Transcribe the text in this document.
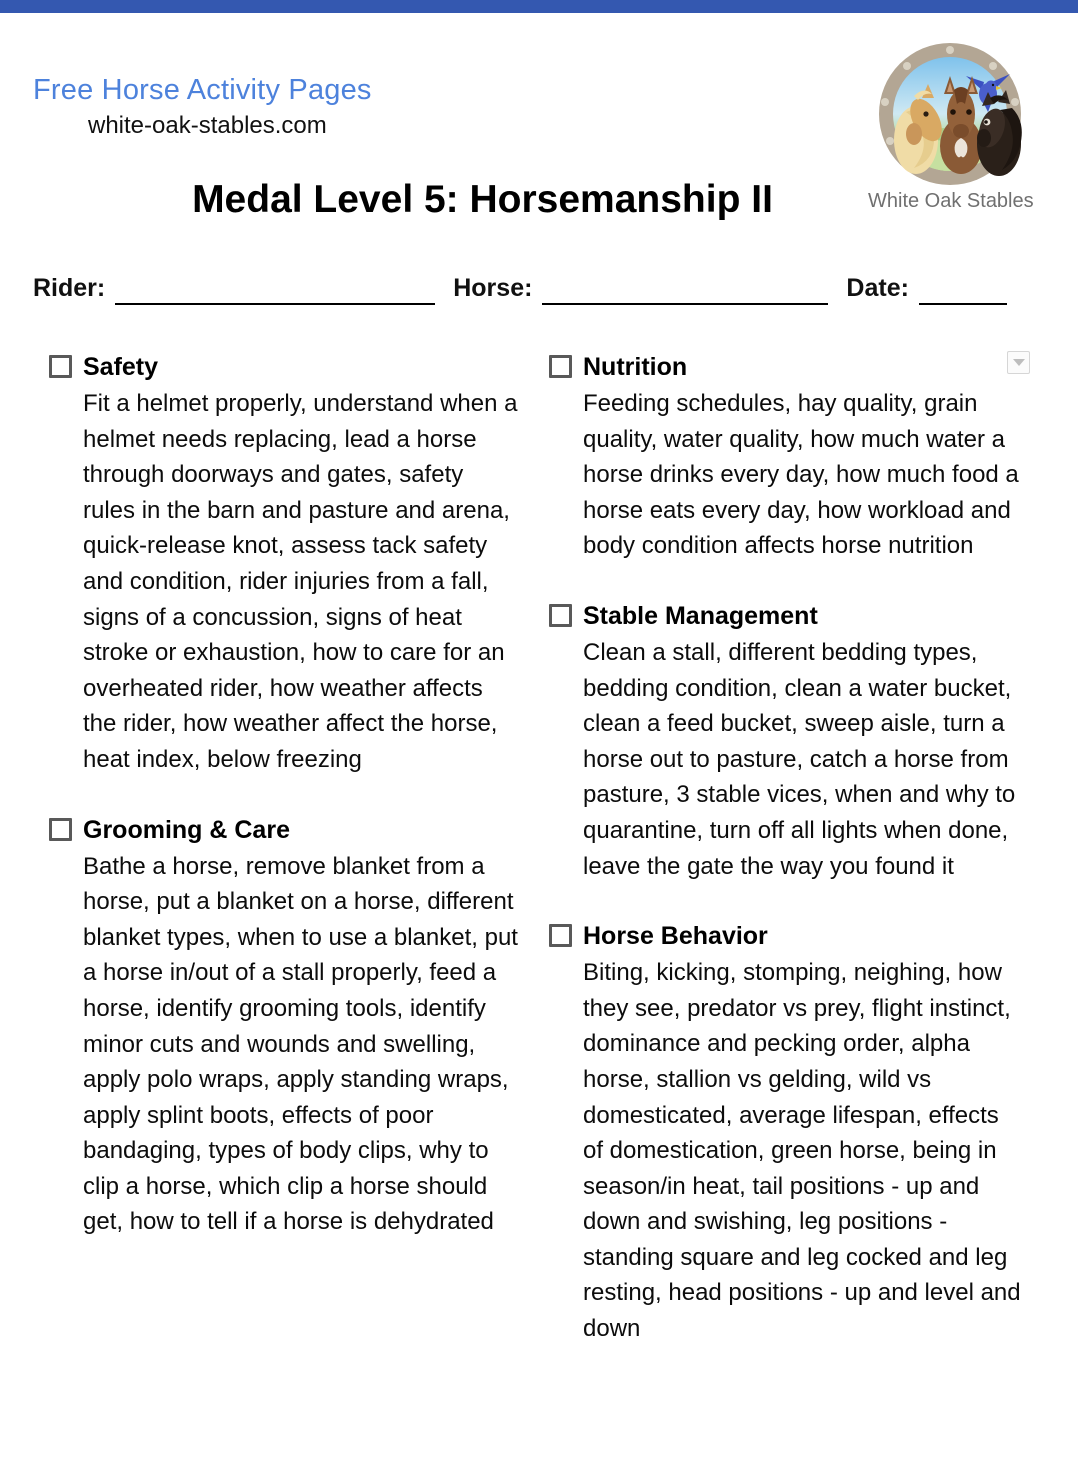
Free Horse Activity Pages
white-oak-stables.com
White Oak Stables
Medal Level 5: Horsemanship II
Rider:	Horse:	Date:
Safety
Fit a helmet properly, understand when a helmet needs replacing, lead a horse through doorways and gates, safety rules in the barn and pasture and arena, quick-release knot, assess tack safety and condition, rider injuries from a fall, signs of a concussion, signs of heat stroke or exhaustion, how to care for an overheated rider, how weather affects the rider, how weather affect the horse, heat index, below freezing
Grooming & Care
Bathe a horse, remove blanket from a horse, put a blanket on a horse, different blanket types, when to use a blanket, put a horse in/out of a stall properly, feed a horse, identify grooming tools, identify minor cuts and wounds and swelling, apply polo wraps, apply standing wraps, apply splint boots, effects of poor bandaging, types of body clips, why to clip a horse, which clip a horse should get, how to tell if a horse is dehydrated
Nutrition
Feeding schedules, hay quality, grain quality, water quality, how much water a horse drinks every day, how much food a horse eats every day, how workload and body condition affects horse nutrition
Stable Management
Clean a stall, different bedding types, bedding condition, clean a water bucket, clean a feed bucket, sweep aisle, turn a horse out to pasture, catch a horse from pasture, 3 stable vices, when and why to quarantine, turn off all lights when done, leave the gate the way you found it
Horse Behavior
Biting, kicking, stomping, neighing, how they see, predator vs prey, flight instinct, dominance and pecking order, alpha horse, stallion vs gelding, wild vs domesticated, average lifespan, effects of domestication, green horse, being in season/in heat, tail positions - up and down and swishing, leg positions - standing square and leg cocked and leg resting, head positions - up and level and down
